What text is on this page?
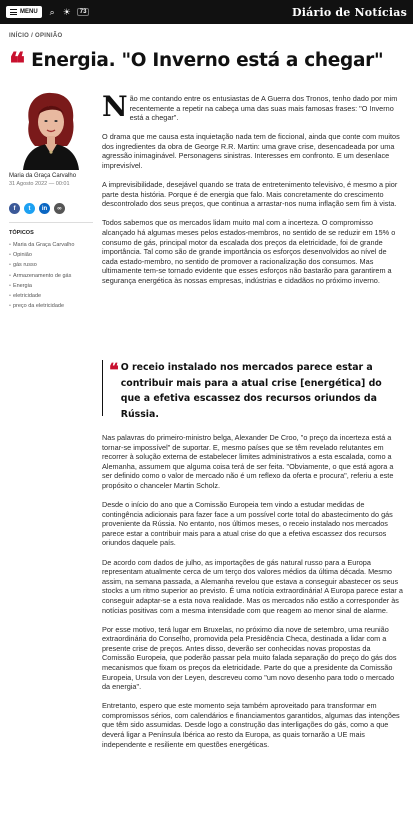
MENU ⌕ ☀	73	Diário de Notícias
INÍCIO / OPINIÃO
❝ Energia. "O Inverno está a chegar"
Maria da Graça Carvalho
31 Agosto 2022 — 00:01
f	t	in	∞
TÓPICOS
• Maria da Graça Carvalho
• Opinião
• gás russo
• Armazenamento de gás
• Energia
• eletricidade
• preço da eletricidade

Não me contando entre os entusiastas de A Guerra dos Tronos, tenho dado por mim recentemente a repetir na cabeça uma das suas mais famosas frases: "O Inverno está a chegar".

O drama que me causa esta inquietação nada tem de ficcional, ainda que conte com muitos dos ingredientes da obra de George R.R. Martin: uma grave crise, desencadeada por uma agressão inimaginável. Personagens sinistras. Interesses em confronto. E um desenlace imprevisível.

A imprevisibilidade, desejável quando se trata de entretenimento televisivo, é mesmo a pior parte desta história. Porque é de energia que falo. Mais concretamente do crescimento descontrolado dos seus preços, que continua a arrastar-nos numa inflação sem fim à vista.

Todos sabemos que os mercados lidam muito mal com a incerteza. O compromisso alcançado há algumas meses pelos estados-membros, no sentido de se reduzir em 15% o consumo de gás, principal motor da escalada dos preços da eletricidade, foi de grande importância. Tal como são de grande importância os esforços desenvolvidos ao nível de cada estado-membro, no sentido de promover a racionalização dos consumos. Mas ultimamente tem-se tornado evidente que esses esforços não bastarão para garantirem a segurança energética às nossas empresas, indústrias e cidadãos no próximo inverno.

❝ O receio instalado nos mercados parece estar a contribuir mais para a atual crise [energética] do que a efetiva escassez dos recursos oriundos da Rússia.

Nas palavras do primeiro-ministro belga, Alexander De Croo, "o preço da incerteza está a tornar-se impossível" de suportar. E, mesmo países que se têm revelado relutantes em recorrer à solução externa de estabelecer limites administrativos a esta escalada, como a Alemanha, assumem que alguma coisa terá de ser feita. "Obviamente, o que está agora a ser definido como o valor de mercado não é um reflexo da oferta e procura", referiu a este propósito o chanceler Martin Scholz.

Desde o início do ano que a Comissão Europeia tem vindo a estudar medidas de contingência adicionais para fazer face a um possível corte total do abastecimento do gás proveniente da Rússia. No entanto, nos últimos meses, o receio instalado nos mercados parece estar a contribuir mais para a atual crise do que a efetiva escassez dos recursos oriundos daquele país.

De acordo com dados de julho, as importações de gás natural russo para a Europa representam atualmente cerca de um terço dos valores médios da última década. Mesmo assim, na semana passada, a Alemanha revelou que estava a conseguir abastecer os seus stocks a um ritmo superior ao previsto. É uma notícia extraordinária! A Europa parece estar a conseguir adaptar-se a esta nova realidade. Mas os mercados não estão a corresponder às notícias positivas com a mesma intensidade com que reagem ao menor sinal de alarme.

Por esse motivo, terá lugar em Bruxelas, no próximo dia nove de setembro, uma reunião extraordinária do Conselho, promovida pela Presidência Checa, destinada a lidar com a presente crise de preços. Antes disso, deverão ser conhecidas novas propostas da Comissão Europeia, que poderão passar pela muito falada separação do preço do gás dos mecanismos que fixam os preços da eletricidade. Parte do que a presidente da Comissão Europeia, Ursula von der Leyen, descreveu como "um novo desenho para todo o mercado da energia".

Entretanto, espero que este momento seja também aproveitado para transformar em compromissos sérios, com calendários e financiamentos garantidos, algumas das intenções que têm sido assumidas. Desde logo a construção das interligações do gás, como a que deverá ligar a Península Ibérica ao resto da Europa, as quais tornarão a UE mais independente e resiliente em questões energéticas.
